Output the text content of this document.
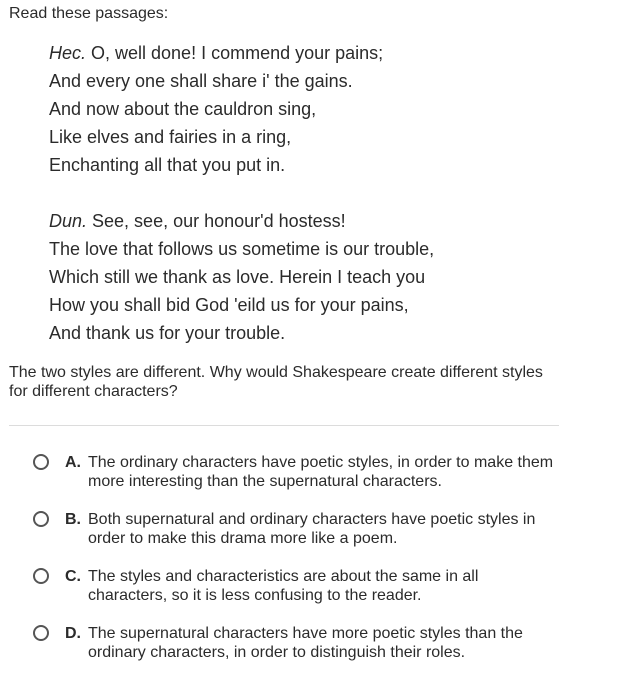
Read these passages:
Hec. O, well done! I commend your pains;
And every one shall share i' the gains.
And now about the cauldron sing,
Like elves and fairies in a ring,
Enchanting all that you put in.
Dun. See, see, our honour'd hostess!
The love that follows us sometime is our trouble,
Which still we thank as love. Herein I teach you
How you shall bid God 'eild us for your pains,
And thank us for your trouble.
The two styles are different. Why would Shakespeare create different styles for different characters?
A. The ordinary characters have poetic styles, in order to make them more interesting than the supernatural characters.
B. Both supernatural and ordinary characters have poetic styles in order to make this drama more like a poem.
C. The styles and characteristics are about the same in all characters, so it is less confusing to the reader.
D. The supernatural characters have more poetic styles than the ordinary characters, in order to distinguish their roles.
